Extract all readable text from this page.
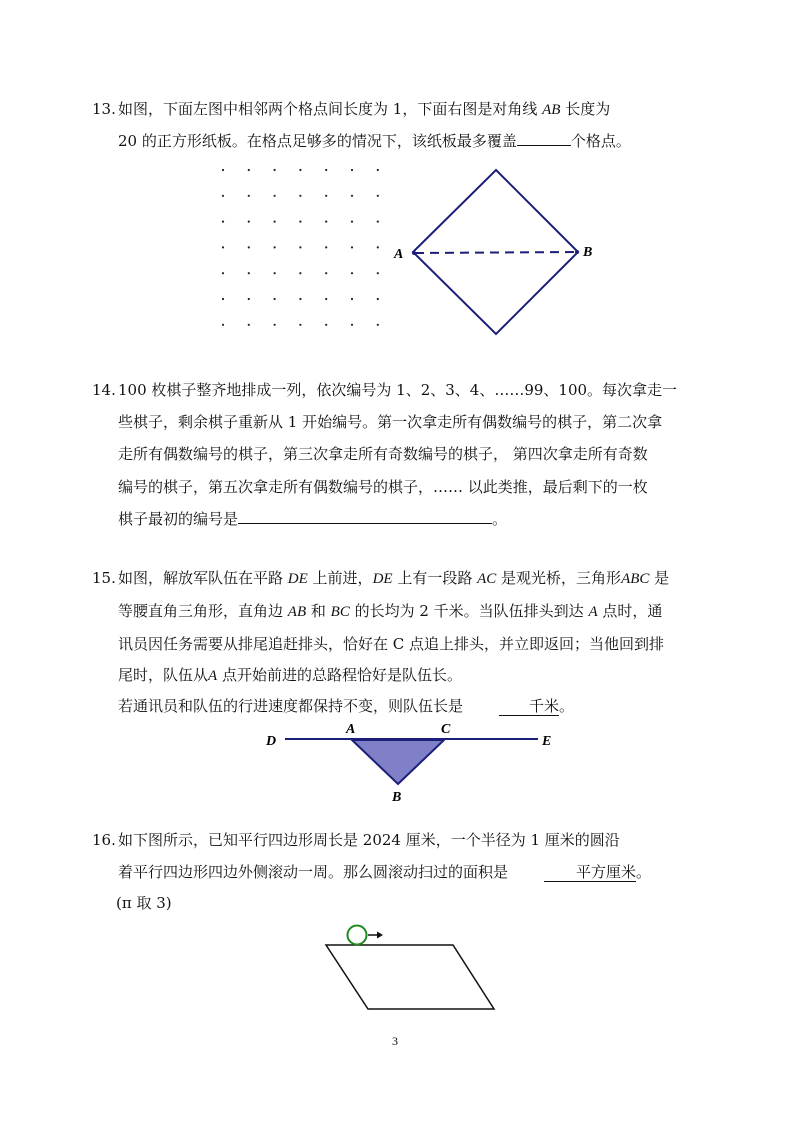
13. 如图，下面左图中相邻两个格点间长度为 1，下面右图是对角线 AB 长度为
20 的正方形纸板。在格点足够多的情况下，该纸板最多覆盖	个格点。
A	B
14. 100 枚棋子整齐地排成一列，依次编号为 1、2、3、4、……99、100。每次拿走一
些棋子，剩余棋子重新从 1 开始编号。第一次拿走所有偶数编号的棋子，第二次拿
走所有偶数编号的棋子，第三次拿走所有奇数编号的棋子， 第四次拿走所有奇数
编号的棋子，第五次拿走所有偶数编号的棋子，…… 以此类推，最后剩下的一枚
棋子最初的编号是	。
15. 如图，解放军队伍在平路 DE 上前进，DE 上有一段路 AC 是观光桥，三角形ABC 是
等腰直角三角形，直角边 AB 和 BC 的长均为 2 千米。当队伍排头到达 A 点时，通
讯员因任务需要从排尾追赶排头，恰好在 C 点追上排头，并立即返回；当他回到排
尾时，队伍从A 点开始前进的总路程恰好是队伍长。
若通讯员和队伍的行进速度都保持不变，则队伍长是	千米。
D
A	C
E
B
16. 如下图所示，已知平行四边形周长是 2024 厘米，一个半径为 1 厘米的圆沿
着平行四边形四边外侧滚动一周。那么圆滚动扫过的面积是	平方厘米。
(π 取 3)
3
